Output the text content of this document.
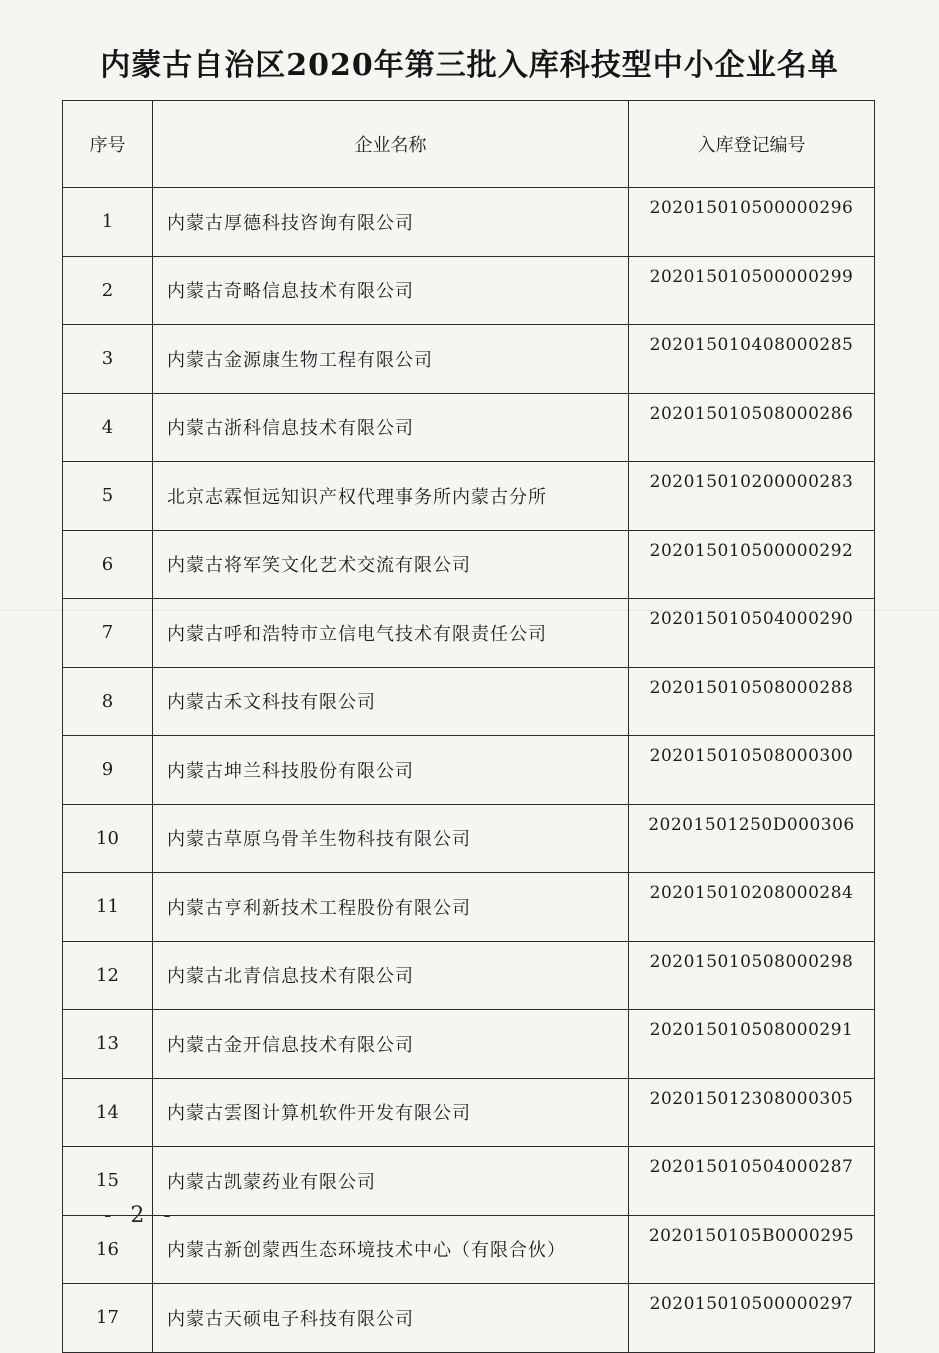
内蒙古自治区2020年第三批入库科技型中小企业名单
序号	企业名称	入库登记编号
1	内蒙古厚德科技咨询有限公司	202015010500000296
2	内蒙古奇略信息技术有限公司	202015010500000299
3	内蒙古金源康生物工程有限公司	202015010408000285
4	内蒙古浙科信息技术有限公司	202015010508000286
5	北京志霖恒远知识产权代理事务所内蒙古分所	202015010200000283
6	内蒙古将军笑文化艺术交流有限公司	202015010500000292
7	内蒙古呼和浩特市立信电气技术有限责任公司	202015010504000290
8	内蒙古禾文科技有限公司	202015010508000288
9	内蒙古坤兰科技股份有限公司	202015010508000300
10	内蒙古草原乌骨羊生物科技有限公司	20201501250D000306
11	内蒙古亨利新技术工程股份有限公司	202015010208000284
12	内蒙古北青信息技术有限公司	202015010508000298
13	内蒙古金开信息技术有限公司	202015010508000291
14	内蒙古雲图计算机软件开发有限公司	202015012308000305
15	内蒙古凯蒙药业有限公司	202015010504000287
16	内蒙古新创蒙西生态环境技术中心（有限合伙）	2020150105B0000295
17	内蒙古天硕电子科技有限公司	202015010500000297
- 2 -
